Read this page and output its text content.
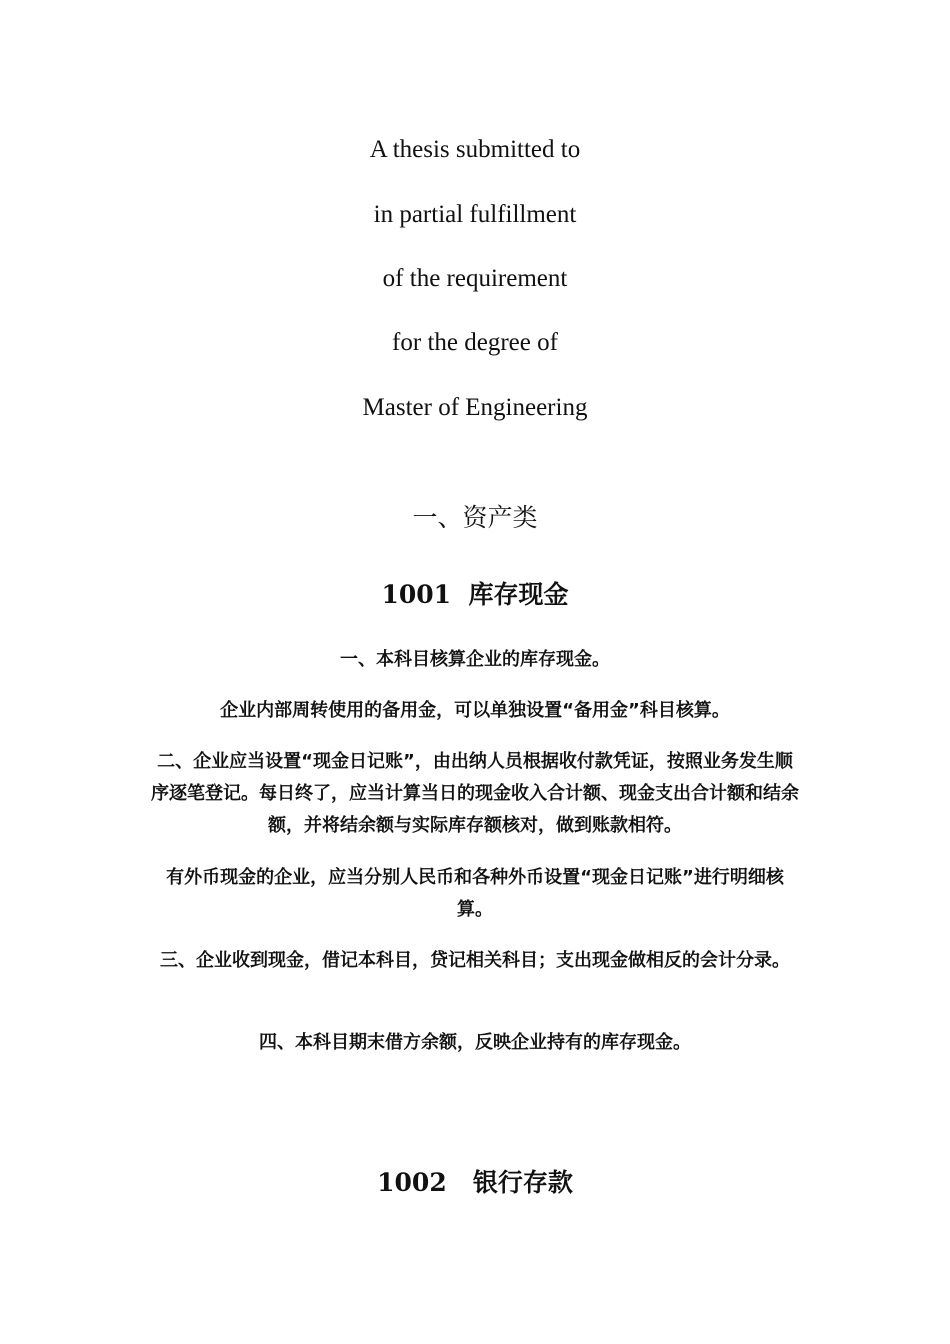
A thesis submitted to
in partial fulfillment
of the requirement
for the degree of
Master of Engineering
一、资产类
1001  库存现金
一、本科目核算企业的库存现金。
企业内部周转使用的备用金，可以单独设置“备用金”科目核算。
二、企业应当设置“现金日记账”，由出纳人员根据收付款凭证，按照业务发生顺序逐笔登记。每日终了，应当计算当日的现金收入合计额、现金支出合计额和结余额，并将结余额与实际库存额核对，做到账款相符。
有外币现金的企业，应当分别人民币和各种外币设置“现金日记账”进行明细核算。
三、企业收到现金，借记本科目，贷记相关科目；支出现金做相反的会计分录。
四、本科目期末借方余额，反映企业持有的库存现金。
1002   银行存款
